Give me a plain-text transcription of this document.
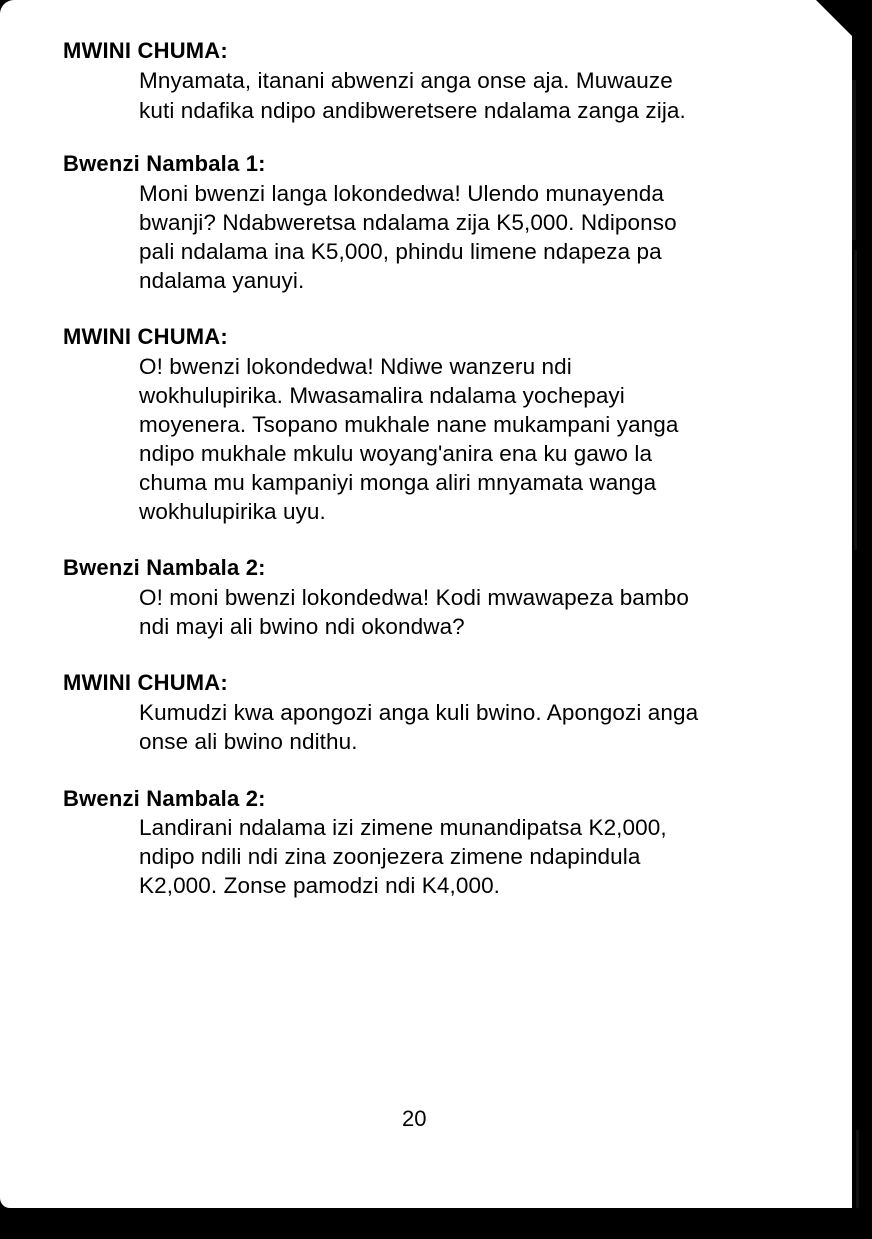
MWINI CHUMA:
Mnyamata, itanani abwenzi anga onse aja. Muwauze
kuti ndafika ndipo andibweretsere ndalama zanga zija.
Bwenzi Nambala 1:
Moni bwenzi langa lokondedwa! Ulendo munayenda
bwanji? Ndabweretsa ndalama zija K5,000. Ndiponso
pali ndalama ina K5,000, phindu limene ndapeza pa
ndalama yanuyi.
MWINI CHUMA:
O! bwenzi lokondedwa! Ndiwe wanzeru ndi
wokhulupirika. Mwasamalira ndalama yochepayi
moyenera. Tsopano mukhale nane mukampani yanga
ndipo mukhale mkulu woyang'anira ena ku gawo la
chuma mu kampaniyi monga aliri mnyamata wanga
wokhulupirika uyu.
Bwenzi Nambala 2:
O! moni bwenzi lokondedwa! Kodi mwawapeza bambo
ndi mayi ali bwino ndi okondwa?
MWINI CHUMA:
Kumudzi kwa apongozi anga kuli bwino. Apongozi anga
onse ali bwino ndithu.
Bwenzi Nambala 2:
Landirani ndalama izi zimene munandipatsa K2,000,
ndipo ndili ndi zina zoonjezera zimene ndapindula
K2,000. Zonse pamodzi ndi K4,000.
20
